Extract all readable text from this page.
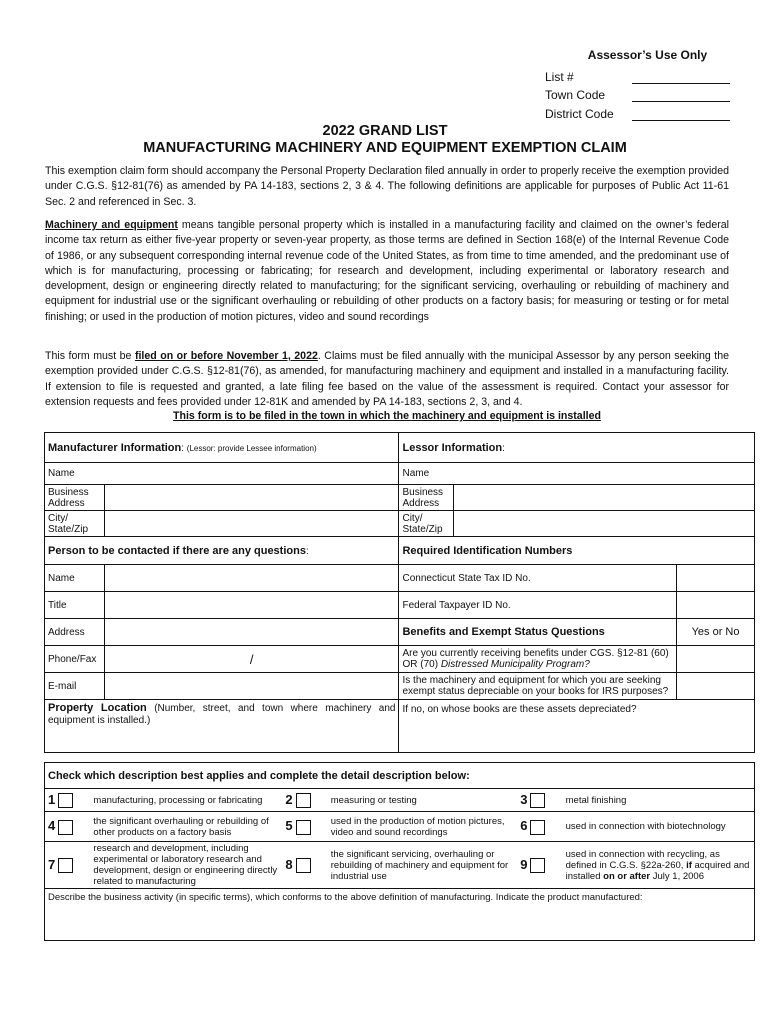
Assessor’s Use Only
List #
Town Code
District Code
2022 GRAND LIST
MANUFACTURING MACHINERY AND EQUIPMENT EXEMPTION CLAIM
This exemption claim form should accompany the Personal Property Declaration filed annually in order to properly receive the exemption provided under C.G.S. §12-81(76) as amended by PA 14-183, sections 2, 3 & 4. The following definitions are applicable for purposes of Public Act 11-61 Sec. 2 and referenced in Sec. 3.
Machinery and equipment means tangible personal property which is installed in a manufacturing facility and claimed on the owner’s federal income tax return as either five-year property or seven-year property, as those terms are defined in Section 168(e) of the Internal Revenue Code of 1986, or any subsequent corresponding internal revenue code of the United States, as from time to time amended, and the predominant use of which is for manufacturing, processing or fabricating; for research and development, including experimental or laboratory research and development, design or engineering directly related to manufacturing; for the significant servicing, overhauling or rebuilding of machinery and equipment for industrial use or the significant overhauling or rebuilding of other products on a factory basis; for measuring or testing or for metal finishing; or used in the production of motion pictures, video and sound recordings
This form must be filed on or before November 1, 2022. Claims must be filed annually with the municipal Assessor by any person seeking the exemption provided under C.G.S. §12-81(76), as amended, for manufacturing machinery and equipment and installed in a manufacturing facility. If extension to file is requested and granted, a late filing fee based on the value of the assessment is required. Contact your assessor for extension requests and fees provided under 12-81K and amended by PA 14-183, sections 2, 3, and 4.
This form is to be filed in the town in which the machinery and equipment is installed
Manufacturer Information: (Lessor: provide Lessee information)		Lessor Information:		
Name		Name		
Business Address		Business Address		
City/ State/Zip		City/ State/Zip		
Person to be contacted if there are any questions:		Required Identification Numbers		
Name		Connecticut State Tax ID No.		
Title		Federal Taxpayer ID No.		
Address		Benefits and Exempt Status Questions		Yes or No
Phone/Fax	/	Are you currently receiving benefits under CGS. §12-81 (60) OR (70) Distressed Municipality Program?		
E-mail		Is the machinery and equipment for which you are seeking exempt status depreciable on your books for IRS purposes?		
Property Location (Number, street, and town where machinery and equipment is installed.)		If no, on whose books are these assets depreciated?		
Check which description best applies and complete the detail description below:					
1	manufacturing, processing or fabricating	2	measuring or testing	3	metal finishing
4	the significant overhauling or rebuilding of other products on a factory basis	5	used in the production of motion pictures, video and sound recordings	6	used in connection with biotechnology
7	research and development, including experimental or laboratory research and development, design or engineering directly related to manufacturing	8	the significant servicing, overhauling or rebuilding of machinery and equipment for industrial use	9	used in connection with recycling, as defined in C.G.S. §22a-260, if acquired and installed on or after July 1, 2006
Describe the business activity (in specific terms), which conforms to the above definition of manufacturing. Indicate the product manufactured:					
